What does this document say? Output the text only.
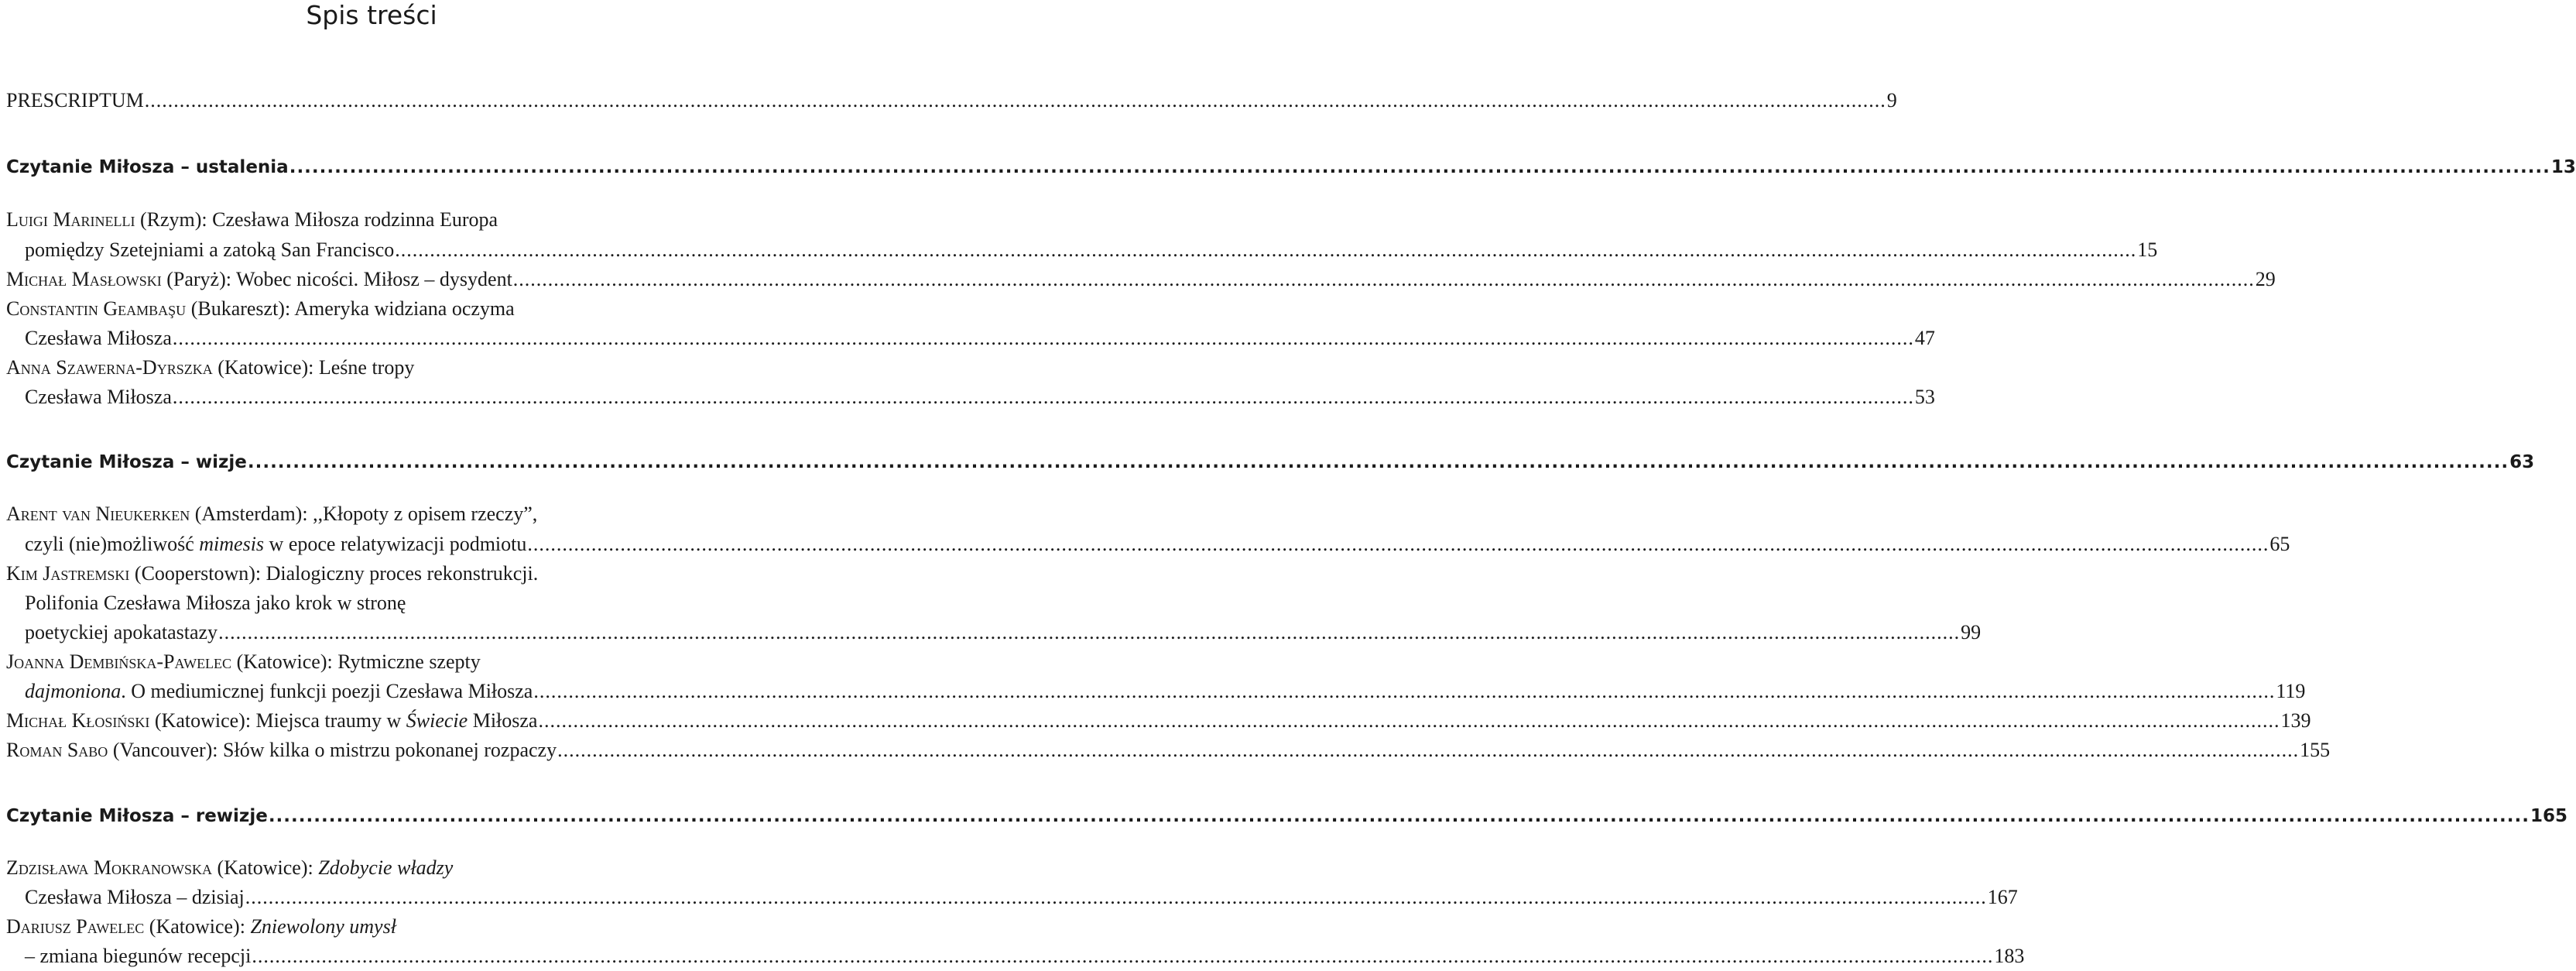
Spis treści
PRESCRIPTUM ............................................................................................................................................................................................................................................................................................................ 9
Czytanie Miłosza – ustalenia ............................................................................................................................................................................................................................................................................................................ 13
Luigi Marinelli (Rzym): Czesława Miłosza rodzinna Europa
pomiędzy Szetejniami a zatoką San Francisco ............................................................................................................................................................................................................................................................................................................ 15
Michał Masłowski (Paryż): Wobec nicości. Miłosz – dysydent ............................................................................................................................................................................................................................................................................................................ 29
Constantin Geambaşu (Bukareszt): Ameryka widziana oczyma
Czesława Miłosza ............................................................................................................................................................................................................................................................................................................ 47
Anna Szawerna-Dyrszka (Katowice): Leśne tropy
Czesława Miłosza ............................................................................................................................................................................................................................................................................................................ 53
Czytanie Miłosza – wizje ............................................................................................................................................................................................................................................................................................................ 63
Arent van Nieukerken (Amsterdam): ,,Kłopoty z opisem rzeczy”,
czyli (nie)możliwość mimesis w epoce relatywizacji podmiotu ............................................................................................................................................................................................................................................................................................................ 65
Kim Jastremski (Cooperstown): Dialogiczny proces rekonstrukcji.
Polifonia Czesława Miłosza jako krok w stronę
poetyckiej apokatastazy ............................................................................................................................................................................................................................................................................................................ 99
Joanna Dembińska-Pawelec (Katowice): Rytmiczne szepty
dajmoniona. O mediumicznej funkcji poezji Czesława Miłosza ............................................................................................................................................................................................................................................................................................................ 119
Michał Kłosiński (Katowice): Miejsca traumy w Świecie Miłosza ............................................................................................................................................................................................................................................................................................................ 139
Roman Sabo (Vancouver): Słów kilka o mistrzu pokonanej rozpaczy ............................................................................................................................................................................................................................................................................................................ 155
Czytanie Miłosza – rewizje ............................................................................................................................................................................................................................................................................................................ 165
Zdzisława Mokranowska (Katowice): Zdobycie władzy
Czesława Miłosza – dzisiaj ............................................................................................................................................................................................................................................................................................................ 167
Dariusz Pawelec (Katowice): Zniewolony umysł
– zmiana biegunów recepcji ............................................................................................................................................................................................................................................................................................................ 183
